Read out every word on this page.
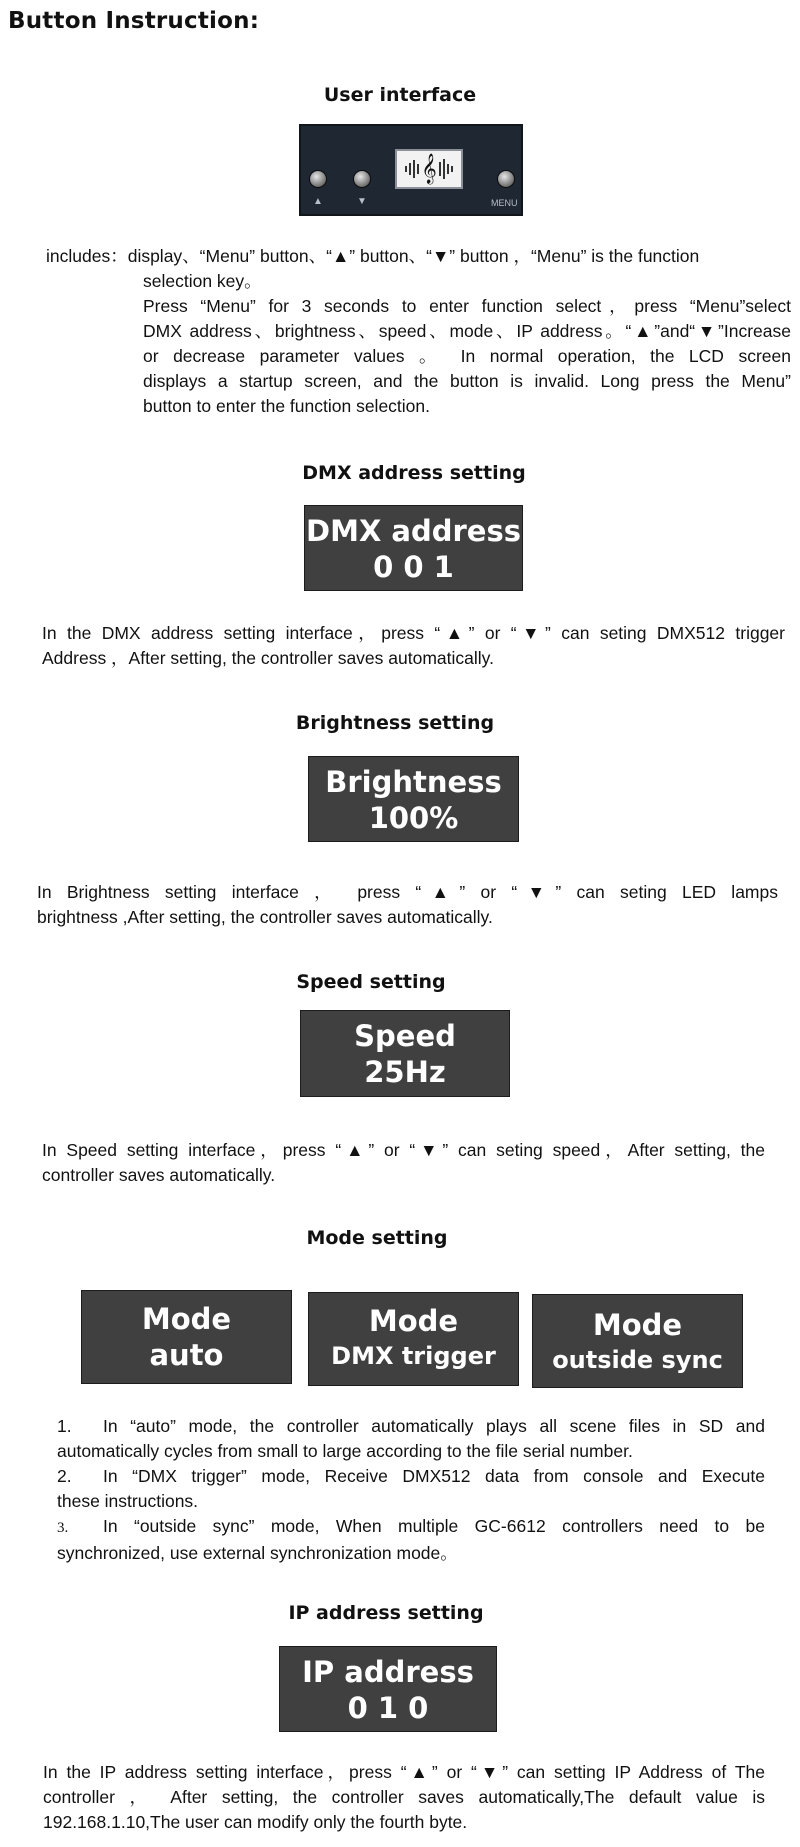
Button Instruction:
User interface
▲	▼
𝄞
MENU
includes：display、“Menu” button、“▲” button、“▼” button ，“Menu” is the function
selection key。
Press “Menu” for 3 seconds to enter function select，press “Menu”select
DMX address、brightness、speed、mode、IP address。“▲”and“▼”Increase
or decrease parameter values 。 In normal operation, the LCD screen
displays a startup screen, and the button is invalid. Long press the Menu”
button to enter the function selection.
DMX address setting
DMX address
0 0 1
In the DMX address setting interface，press “▲” or “▼” can seting DMX512 trigger
Address ，After setting, the controller saves automatically.
Brightness setting
Brightness
100%
In Brightness setting interface ， press “▲” or “▼” can seting LED lamps
brightness ,After setting, the controller saves automatically.
Speed setting
Speed
25Hz
In Speed setting interface，press “▲” or “▼” can seting speed，After setting, the
controller saves automatically.
Mode setting
Mode
auto
Mode
DMX trigger
Mode
outside sync
1. In “auto” mode, the controller automatically plays all scene files in SD and
automatically cycles from small to large according to the file serial number.
2. In “DMX trigger” mode, Receive DMX512 data from console and Execute
these instructions.
3. In “outside sync” mode, When multiple GC-6612 controllers need to be
synchronized, use external synchronization mode。
IP address setting
IP address
0 1 0
In the IP address setting interface，press “▲” or “▼” can setting IP Address of The
controller ， After setting, the controller saves automatically,The default value is
192.168.1.10,The user can modify only the fourth byte.
